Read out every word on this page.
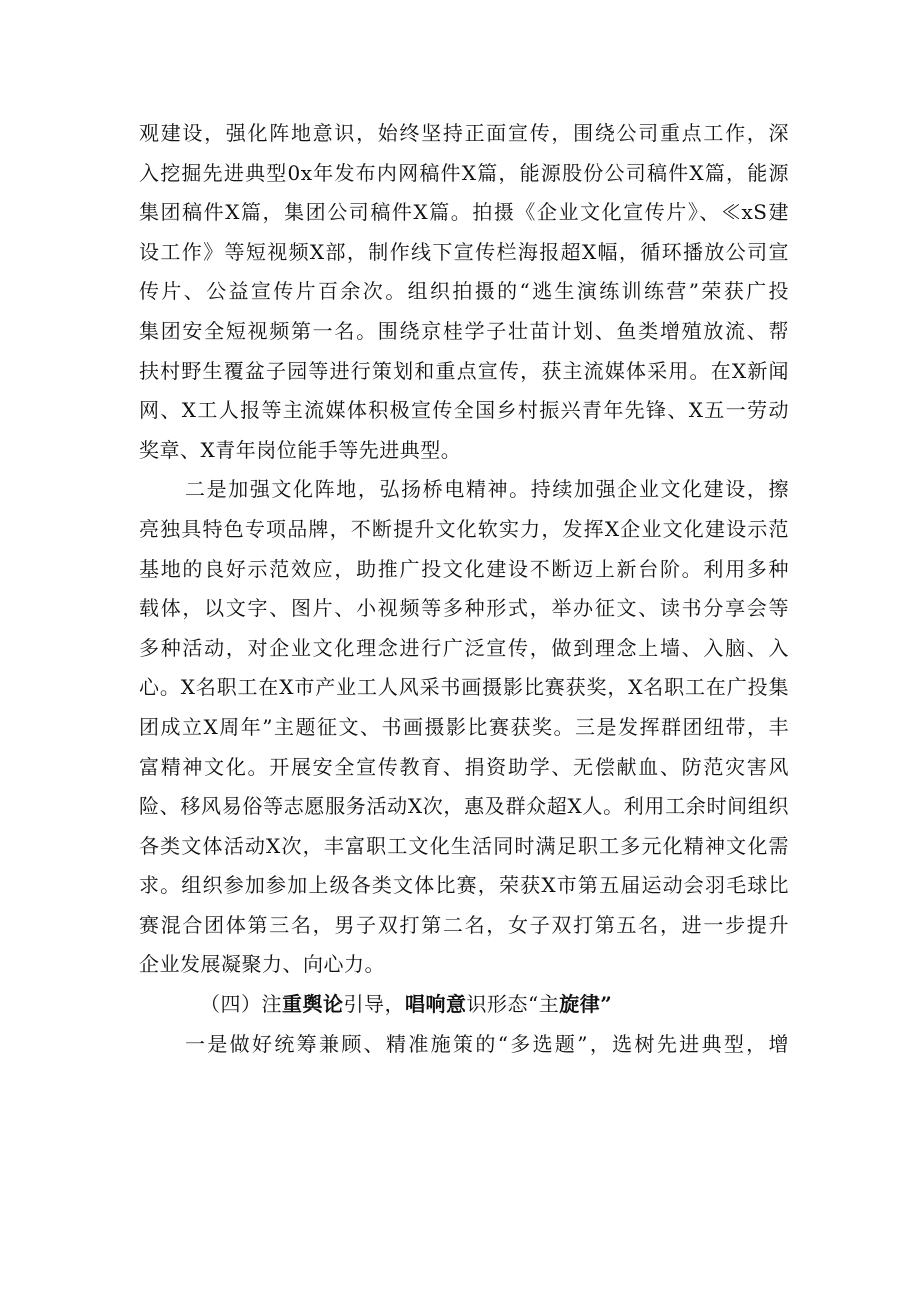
观建设，强化阵地意识，始终坚持正面宣传，围绕公司重点工作，深
入挖掘先进典型0x年发布内网稿件X篇，能源股份公司稿件X篇，能源
集团稿件X篇，集团公司稿件X篇。拍摄《企业文化宣传片》、≪xS建
设工作》等短视频X部，制作线下宣传栏海报超X幅，循环播放公司宣
传片、公益宣传片百余次。组织拍摄的“逃生演练训练营”荣获广投
集团安全短视频第一名。围绕京桂学子壮苗计划、鱼类增殖放流、帮
扶村野生覆盆子园等进行策划和重点宣传，获主流媒体采用。在X新闻
网、X工人报等主流媒体积极宣传全国乡村振兴青年先锋、X五一劳动
奖章、X青年岗位能手等先进典型。
二是加强文化阵地，弘扬桥电精神。持续加强企业文化建设，擦
亮独具特色专项品牌，不断提升文化软实力，发挥X企业文化建设示范
基地的良好示范效应，助推广投文化建设不断迈上新台阶。利用多种
载体，以文字、图片、小视频等多种形式，举办征文、读书分享会等
多种活动，对企业文化理念进行广泛宣传，做到理念上墙、入脑、入
心。X名职工在X市产业工人风采书画摄影比赛获奖，X名职工在广投集
团成立X周年”主题征文、书画摄影比赛获奖。三是发挥群团纽带，丰
富精神文化。开展安全宣传教育、捐资助学、无偿献血、防范灾害风
险、移风易俗等志愿服务活动X次，惠及群众超X人。利用工余时间组织
各类文体活动X次，丰富职工文化生活同时满足职工多元化精神文化需
求。组织参加参加上级各类文体比赛，荣获X市第五届运动会羽毛球比
赛混合团体第三名，男子双打第二名，女子双打第五名，进一步提升
企业发展凝聚力、向心力。
（四）注重舆论引导，唱响意识形态“主旋律”
一是做好统筹兼顾、精准施策的“多选题”，选树先进典型，增
